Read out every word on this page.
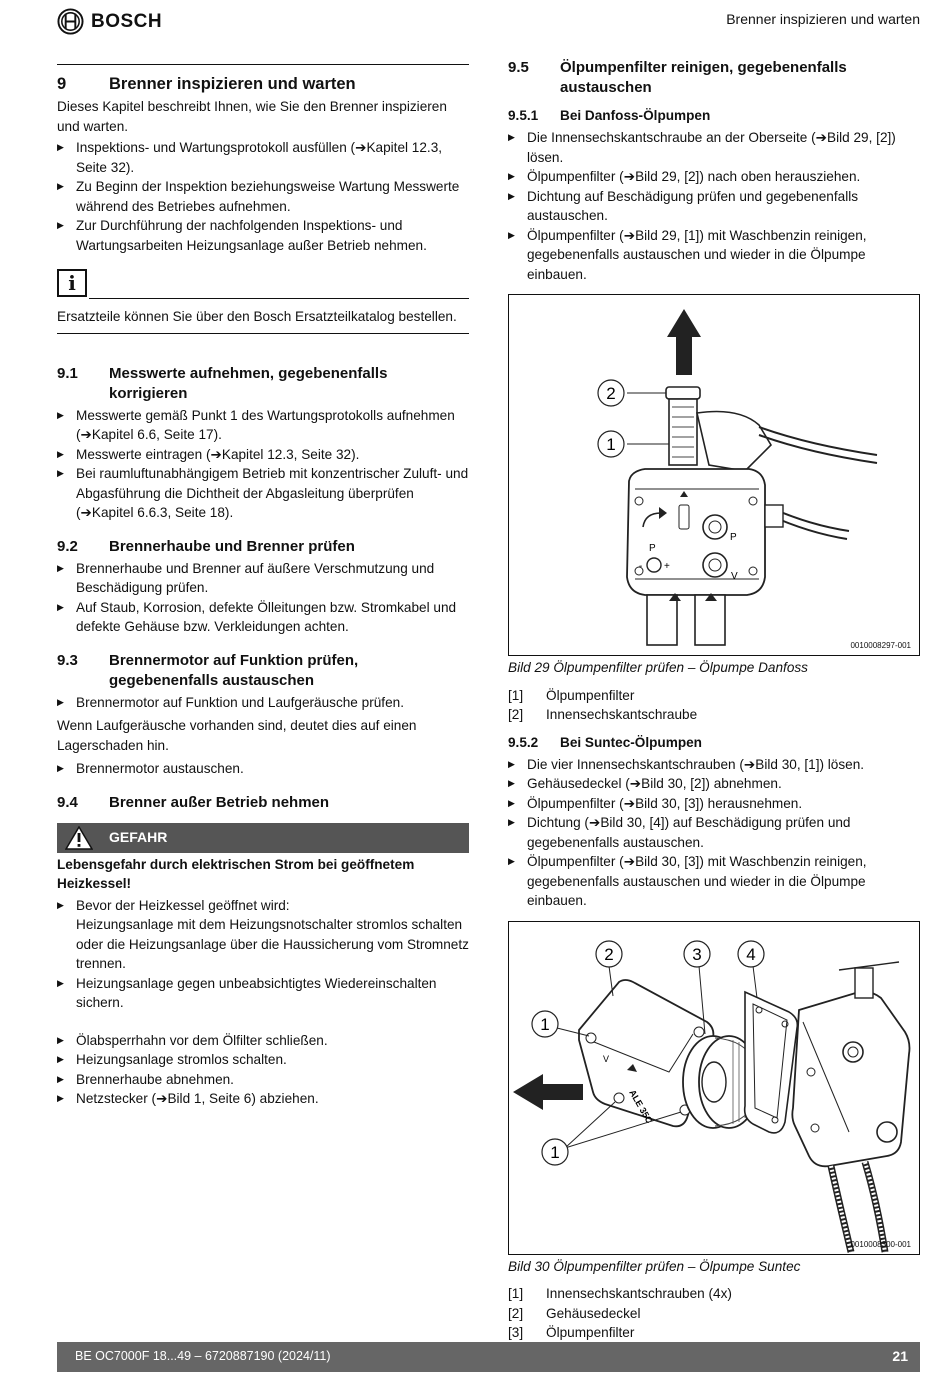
BOSCH	Brenner inspizieren und warten
9	Brenner inspizieren und warten

Dieses Kapitel beschreibt Ihnen, wie Sie den Brenner inspizieren und warten.

▶ Inspektions- und Wartungsprotokoll ausfüllen (➔Kapitel 12.3, Seite 32).
▶ Zu Beginn der Inspektion beziehungsweise Wartung Messwerte während des Betriebes aufnehmen.
▶ Zur Durchführung der nachfolgenden Inspektions- und Wartungsarbeiten Heizungsanlage außer Betrieb nehmen.
i
Ersatzteile können Sie über den Bosch Ersatzteilkatalog bestellen.
9.1	Messwerte aufnehmen, gegebenenfalls korrigieren
▶ Messwerte gemäß Punkt 1 des Wartungsprotokolls aufnehmen (➔Kapitel 6.6, Seite 17).
▶ Messwerte eintragen (➔Kapitel 12.3, Seite 32).
▶ Bei raumluftunabhängigem Betrieb mit konzentrischer Zuluft- und Abgasführung die Dichtheit der Abgasleitung überprüfen (➔Kapitel 6.6.3, Seite 18).
9.2	Brennerhaube und Brenner prüfen
▶ Brennerhaube und Brenner auf äußere Verschmutzung und Beschädigung prüfen.
▶ Auf Staub, Korrosion, defekte Ölleitungen bzw. Stromkabel und defekte Gehäuse bzw. Verkleidungen achten.
9.3	Brennermotor auf Funktion prüfen, gegebenenfalls austauschen
▶ Brennermotor auf Funktion und Laufgeräusche prüfen.

Wenn Laufgeräusche vorhanden sind, deutet dies auf einen Lagerschaden hin.

▶ Brennermotor austauschen.
9.4	Brenner außer Betrieb nehmen
GEFAHR
Lebensgefahr durch elektrischen Strom bei geöffnetem Heizkessel!
▶ Bevor der Heizkessel geöffnet wird:
Heizungsanlage mit dem Heizungsnotschalter stromlos schalten oder die Heizungsanlage über die Haussicherung vom Stromnetz trennen.
▶ Heizungsanlage gegen unbeabsichtigtes Wiedereinschalten sichern.
▶ Ölabsperrhahn vor dem Ölfilter schließen.
▶ Heizungsanlage stromlos schalten.
▶ Brennerhaube abnehmen.
▶ Netzstecker (➔Bild 1, Seite 6) abziehen.
9.5	Ölpumpenfilter reinigen, gegebenenfalls austauschen
9.5.1	Bei Danfoss-Ölpumpen
▶ Die Innensechskantschraube an der Oberseite (➔Bild 29, [2]) lösen.
▶ Ölpumpenfilter (➔Bild 29, [2]) nach oben herausziehen.
▶ Dichtung auf Beschädigung prüfen und gegebenenfalls austauschen.
▶ Ölpumpenfilter (➔Bild 29, [1]) mit Waschbenzin reinigen, gegebenenfalls austauschen und wieder in die Ölpumpe einbauen.
2
1
P
P
V
- +
0010008297-001
Bild 29 Ölpumpenfilter prüfen – Ölpumpe Danfoss
[1]	Ölpumpenfilter
[2]	Innensechskantschraube
9.5.2	Bei Suntec-Ölpumpen
▶ Die vier Innensechskantschrauben (➔Bild 30, [1]) lösen.
▶ Gehäusedeckel (➔Bild 30, [2]) abnehmen.
▶ Ölpumpenfilter (➔Bild 30, [3]) herausnehmen.
▶ Dichtung (➔Bild 30, [4]) auf Beschädigung prüfen und gegebenenfalls austauschen.
▶ Ölpumpenfilter (➔Bild 30, [3]) mit Waschbenzin reinigen, gegebenenfalls austauschen und wieder in die Ölpumpe einbauen.
ALE 35C
V
2	3	4
1
1
0010008300-001
Bild 30 Ölpumpenfilter prüfen – Ölpumpe Suntec
[1]	Innensechskantschrauben (4x)
[2]	Gehäusedeckel
[3]	Ölpumpenfilter
BE OC7000F 18...49 – 6720887190 (2024/11)	21
